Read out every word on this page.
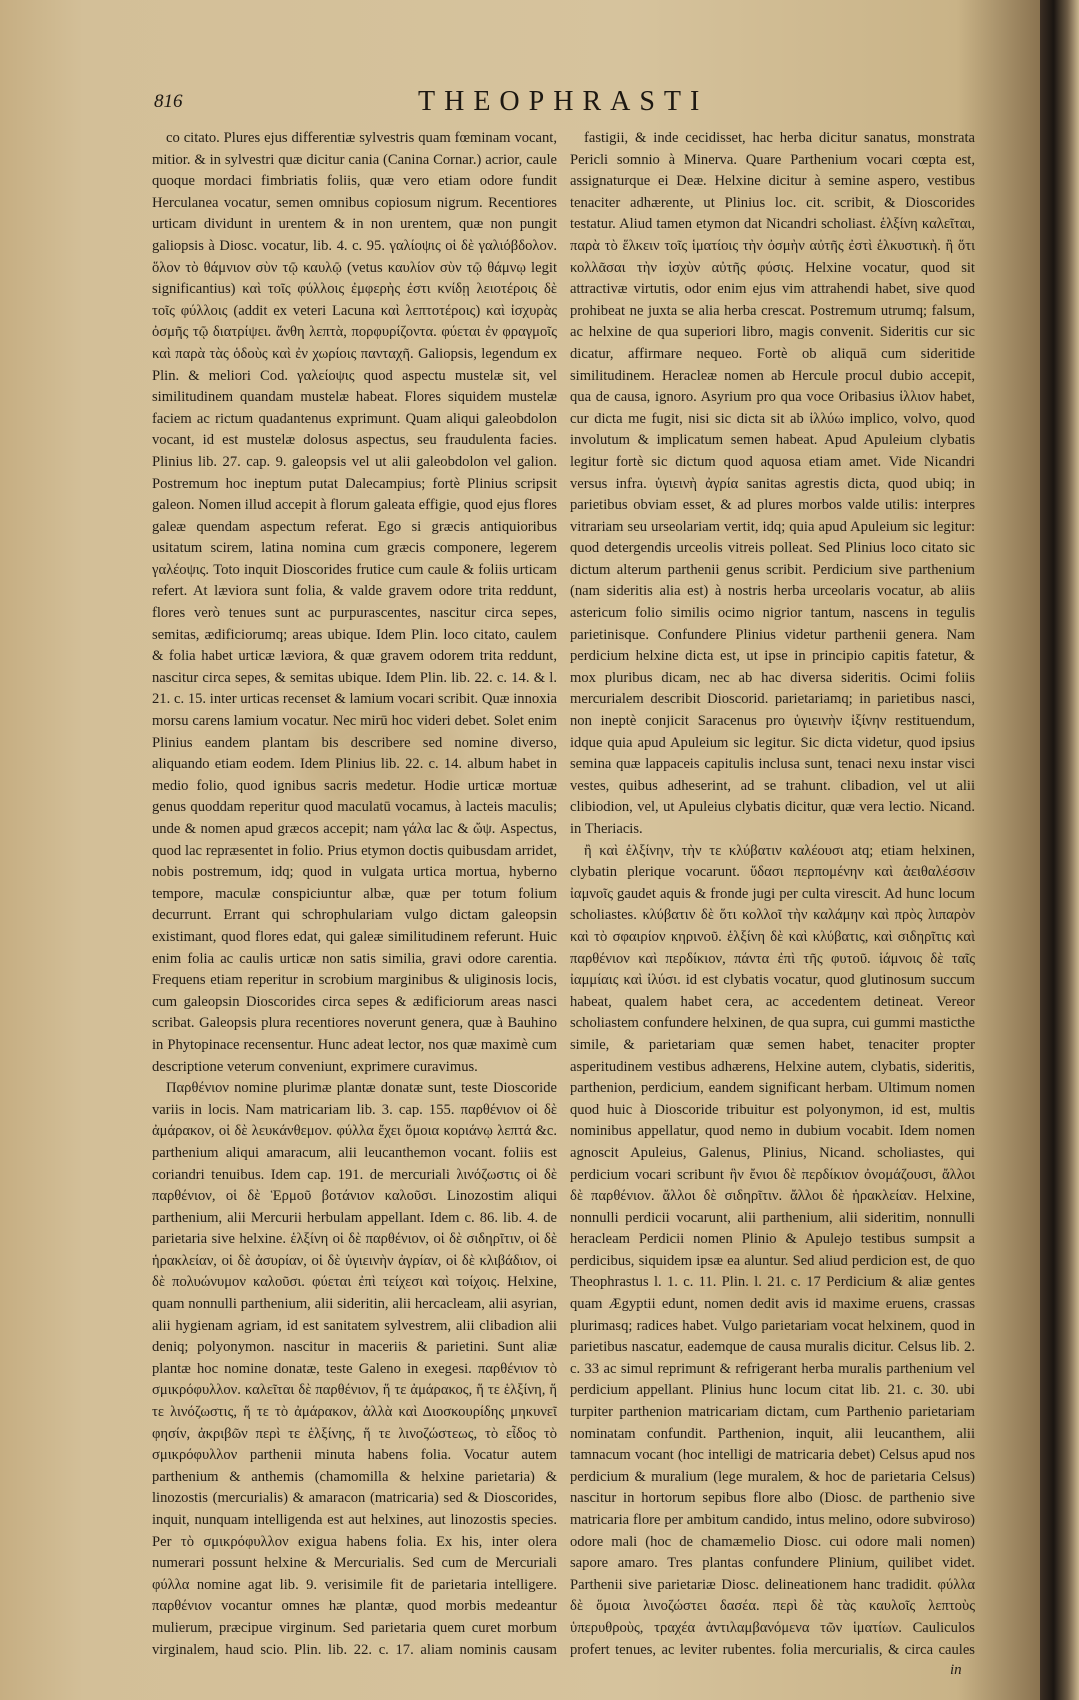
816	THEOPHRASTI

co citato. Plures ejus differentiæ sylvestris quam fœminam vocant, mitior. & in sylvestri quæ dicitur cania (Canina Cornar.) acrior, caule quoque mordaci fimbriatis foliis, quæ vero etiam odore fundit Herculanea vocatur, semen omnibus copiosum nigrum. Recentiores urticam dividunt in urentem & in non urentem, quæ non pungit galiopsis à Diosc. vocatur, lib. 4. c. 95. γαλίοψις οἱ δὲ γαλιόβδολον. ὅλον τὸ θάμνιον σὺν τῷ καυλῷ (vetus καυλίον σὺν τῷ θάμνῳ legit significantius) καὶ τοῖς φύλλοις ἐμφερὴς ἐστι κνίδῃ λειοτέροις δὲ τοῖς φύλλοις (addit ex veteri Lacuna καὶ λεπτοτέροις) καὶ ἰσχυρὰς ὀσμῆς τῷ διατρίψει. ἄνθη λεπτὰ, πορφυρίζοντα. φύεται ἐν φραγμοῖς καὶ παρὰ τὰς ὁδοὺς καὶ ἐν χωρίοις πανταχῆ. Galiopsis, legendum ex Plin. & meliori Cod. γαλείοψις quod aspectu mustelæ sit, vel similitudinem quandam mustelæ habeat. Flores siquidem mustelæ faciem ac rictum quadantenus exprimunt. Quam aliqui galeobdolon vocant, id est mustelæ dolosus aspectus, seu fraudulenta facies. Plinius lib. 27. cap. 9. galeopsis vel ut alii galeobdolon vel galion. Postremum hoc ineptum putat Dalecampius; fortè Plinius scripsit galeon. Nomen illud accepit à florum galeata effigie, quod ejus flores galeæ quendam aspectum referat. Ego si græcis antiquioribus usitatum scirem, latina nomina cum græcis componere, legerem γαλέοψις. Toto inquit Dioscorides frutice cum caule & foliis urticam refert. At læviora sunt folia, & valde gravem odore trita reddunt, flores verò tenues sunt ac purpurascentes, nascitur circa sepes, semitas, ædificiorumq; areas ubique. Idem Plin. loco citato, caulem & folia habet urticæ læviora, & quæ gravem odorem trita reddunt, nascitur circa sepes, & semitas ubique. Idem Plin. lib. 22. c. 14. & l. 21. c. 15. inter urticas recenset & lamium vocari scribit. Quæ innoxia morsu carens lamium vocatur. Nec mirū hoc videri debet. Solet enim Plinius eandem plantam bis describere sed nomine diverso, aliquando etiam eodem. Idem Plinius lib. 22. c. 14. album habet in medio folio, quod ignibus sacris medetur. Hodie urticæ mortuæ genus quoddam reperitur quod maculatū vocamus, à lacteis maculis; unde & nomen apud græcos accepit; nam γάλα lac & ὤψ. Aspectus, quod lac repræsentet in folio. Prius etymon doctis quibusdam arridet, nobis postremum, idq; quod in vulgata urtica mortua, hyberno tempore, maculæ conspiciuntur albæ, quæ per totum folium decurrunt. Errant qui schrophulariam vulgo dictam galeopsin existimant, quod flores edat, qui galeæ similitudinem referunt. Huic enim folia ac caulis urticæ non satis similia, gravi odore carentia. Frequens etiam reperitur in scrobium marginibus & uliginosis locis, cum galeopsin Dioscorides circa sepes & ædificiorum areas nasci scribat. Galeopsis plura recentiores noverunt genera, quæ à Bauhino in Phytopinace recensentur. Hunc adeat lector, nos quæ maximè cum descriptione veterum conveniunt, exprimere curavimus.

Παρθένιον nomine plurimæ plantæ donatæ sunt, teste Dioscoride variis in locis. Nam matricariam lib. 3. cap. 155. παρθένιον οἱ δὲ ἀμάρακον, οἱ δὲ λευκάνθεμον. φύλλα ἔχει ὅμοια κοριάνῳ λεπτά &c. parthenium aliqui amaracum, alii leucanthemon vocant. foliis est coriandri tenuibus. Idem cap. 191. de mercuriali λινόζωστις οἱ δὲ παρθένιον, οἱ δὲ Ἑρμοῦ βοτάνιον καλοῦσι. Linozostim aliqui parthenium, alii Mercurii herbulam appellant. Idem c. 86. lib. 4. de parietaria sive helxine. ἑλξίνη οἱ δὲ παρθένιον, οἱ δὲ σιδηρῖτιν, οἱ δὲ ἡρακλείαν, οἱ δὲ ἀσυρίαν, οἱ δὲ ὑγιεινὴν ἀγρίαν, οἱ δὲ κλιβάδιον, οἱ δὲ πολυώνυμον καλοῦσι. φύεται ἐπὶ τείχεσι καὶ τοίχοις. Helxine, quam nonnulli parthenium, alii sideritin, alii hercacleam, alii asyrian, alii hygienam agriam, id est sanitatem sylvestrem, alii clibadion alii deniq; polyonymon. nascitur in maceriis & parietini. Sunt aliæ plantæ hoc nomine donatæ, teste Galeno in exegesi. παρθένιον τὸ σμικρόφυλλον. καλεῖται δὲ παρθένιον, ἥ τε ἀμάρακος, ἥ τε ἑλξίνη, ἥ τε λινόζωστις, ἥ τε τὸ ἀμάρακον, ἀλλὰ καὶ Διοσκουρίδης μηκυνεῖ φησίν, ἀκριβῶν περὶ τε ἑλξίνης, ἥ τε λινοζώστεως, τὸ εἶδος τὸ σμικρόφυλλον parthenii minuta habens folia. Vocatur autem parthenium & anthemis (chamomilla & helxine parietaria) & linozostis (mercurialis) & amaracon (matricaria) sed & Dioscorides, inquit, nunquam intelligenda est aut helxines, aut linozostis species. Per τὸ σμικρόφυλλον exigua habens folia. Ex his, inter olera numerari possunt helxine & Mercurialis. Sed cum de Mercuriali φύλλα nomine agat lib. 9. verisimile fit de parietaria intelligere. παρθένιον vocantur omnes hæ plantæ, quod morbis medeantur mulierum, præcipue virginum. Sed parietaria quem curet morbum virginalem, haud scio. Plin. lib. 22. c. 17. aliam nominis causam

fastigii, & inde cecidisset, hac herba dicitur sanatus, monstrata Pericli somnio à Minerva. Quare Parthenium vocari cœpta est, assignaturque ei Deæ. Helxine dicitur à semine aspero, vestibus tenaciter adhærente, ut Plinius loc. cit. scribit, & Dioscorides testatur. Aliud tamen etymon dat Nicandri scholiast. ἑλξίνη καλεῖται, παρὰ τὸ ἕλκειν τοῖς ἱματίοις τὴν ὀσμὴν αὐτῆς ἐστὶ ἑλκυστικὴ. ἢ ὅτι κολλᾶσαι τὴν ἰσχὺν αὐτῆς φύσις. Helxine vocatur, quod sit attractivæ virtutis, odor enim ejus vim attrahendi habet, sive quod prohibeat ne juxta se alia herba crescat. Postremum utrumq; falsum, ac helxine de qua superiori libro, magis convenit. Sideritis cur sic dicatur, affirmare nequeo. Fortè ob aliquā cum sideritide similitudinem. Heracleæ nomen ab Hercule procul dubio accepit, qua de causa, ignoro. Asyrium pro qua voce Oribasius ἰλλιον habet, cur dicta me fugit, nisi sic dicta sit ab ἰλλύω implico, volvo, quod involutum & implicatum semen habeat. Apud Apuleium clybatis legitur fortè sic dictum quod aquosa etiam amet. Vide Nicandri versus infra. ὑγιεινὴ ἀγρία sanitas agrestis dicta, quod ubiq; in parietibus obviam esset, & ad plures morbos valde utilis: interpres vitrariam seu urseolariam vertit, idq; quia apud Apuleium sic legitur: quod detergendis urceolis vitreis polleat. Sed Plinius loco citato sic dictum alterum parthenii genus scribit. Perdicium sive parthenium (nam sideritis alia est) à nostris herba urceolaris vocatur, ab aliis astericum folio similis ocimo nigrior tantum, nascens in tegulis parietinisque. Confundere Plinius videtur parthenii genera. Nam perdicium helxine dicta est, ut ipse in principio capitis fatetur, & mox pluribus dicam, nec ab hac diversa sideritis. Ocimi foliis mercurialem describit Dioscorid. parietariamq; in parietibus nasci, non ineptè conjicit Saracenus pro ὑγιεινὴν ἰξίνην restituendum, idque quia apud Apuleium sic legitur. Sic dicta videtur, quod ipsius semina quæ lappaceis capitulis inclusa sunt, tenaci nexu instar visci vestes, quibus adheserint, ad se trahunt. clibadion, vel ut alii clibiodion, vel, ut Apuleius clybatis dicitur, quæ vera lectio. Nicand. in Theriacis.

ἢ καὶ ἑλξίνην, τὴν τε κλύβατιν καλέουσι atq; etiam helxinen, clybatin plerique vocarunt. ὕδασι περπομένην καὶ ἀειθαλέσσιν ἰαμνοῖς gaudet aquis & fronde jugi per culta virescit. Ad hunc locum scholiastes. κλύβατιν δὲ ὅτι κολλοῖ τὴν καλάμην καὶ πρὸς λιπαρὸν καὶ τὸ σφαιρίον κηρινοῦ. ἑλξίνη δὲ καὶ κλύβατις, καὶ σιδηρῖτις καὶ παρθένιον καὶ περδίκιον, πάντα ἐπὶ τῆς φυτοῦ. ἰάμνοις δὲ ταῖς ἰαμμίαις καὶ ἰλύσι. id est clybatis vocatur, quod glutinosum succum habeat, qualem habet cera, ac accedentem detineat. Vereor scholiastem confundere helxinen, de qua supra, cui gummi masticthe simile, & parietariam quæ semen habet, tenaciter propter asperitudinem vestibus adhærens, Helxine autem, clybatis, sideritis, parthenion, perdicium, eandem significant herbam. Ultimum nomen quod huic à Dioscoride tribuitur est polyonymon, id est, multis nominibus appellatur, quod nemo in dubium vocabit. Idem nomen agnoscit Apuleius, Galenus, Plinius, Nicand. scholiastes, qui perdicium vocari scribunt ἣν ἔνιοι δὲ περδίκιον ὀνομάζουσι, ἄλλοι δὲ παρθένιον. ἄλλοι δὲ σιδηρῖτιν. ἄλλοι δὲ ἡρακλείαν. Helxine, nonnulli perdicii vocarunt, alii parthenium, alii sideritim, nonnulli heracleam Perdicii nomen Plinio & Apulejo testibus sumpsit a perdicibus, siquidem ipsæ ea aluntur. Sed aliud perdicion est, de quo Theophrastus l. 1. c. 11. Plin. l. 21. c. 17 Perdicium & aliæ gentes quam Ægyptii edunt, nomen dedit avis id maxime eruens, crassas plurimasq; radices habet. Vulgo parietariam vocat helxinem, quod in parietibus nascatur, eademque de causa muralis dicitur. Celsus lib. 2. c. 33 ac simul reprimunt & refrigerant herba muralis parthenium vel perdicium appellant. Plinius hunc locum citat lib. 21. c. 30. ubi turpiter parthenion matricariam dictam, cum Parthenio parietariam nominatam confundit. Parthenion, inquit, alii leucanthem, alii tamnacum vocant (hoc intelligi de matricaria debet) Celsus apud nos perdicium & muralium (lege muralem, & hoc de parietaria Celsus) nascitur in hortorum sepibus flore albo (Diosc. de parthenio sive matricaria flore per ambitum candido, intus melino, odore subviroso) odore mali (hoc de chamæmelio Diosc. cui odore mali nomen) sapore amaro. Tres plantas confundere Plinium, quilibet videt. Parthenii sive parietariæ Diosc. delineationem hanc tradidit. φύλλα δὲ ὅμοια λινοζώστει δασέα. περὶ δὲ τὰς καυλοῖς λεπτοὺς ὑπερυθροὺς, τραχέα ἀντιλαμβανόμενα τῶν ἱματίων. Cauliculos profert tenues, ac leviter rubentes. folia mercurialis, & circa caules

in
